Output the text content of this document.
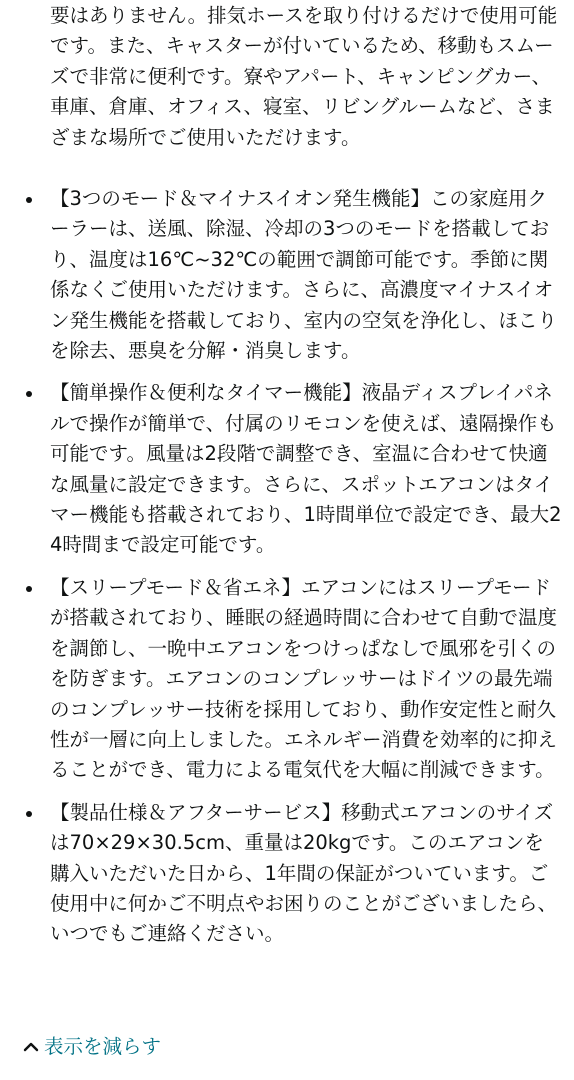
要はありません。排気ホースを取り付けるだけで使用可能です。また、キャスターが付いているため、移動もスムーズで非常に便利です。寮やアパート、キャンピングカー、車庫、倉庫、オフィス、寝室、リビングルームなど、さまざまな場所でご使用いただけます。
【3つのモード＆マイナスイオン発生機能】この家庭用クーラーは、送風、除湿、冷却の3つのモードを搭載しており、温度は16℃~32℃の範囲で調節可能です。季節に関係なくご使用いただけます。さらに、高濃度マイナスイオン発生機能を搭載しており、室内の空気を浄化し、ほこりを除去、悪臭を分解・消臭します。
【簡単操作＆便利なタイマー機能】液晶ディスプレイパネルで操作が簡単で、付属のリモコンを使えば、遠隔操作も可能です。風量は2段階で調整でき、室温に合わせて快適な風量に設定できます。さらに、スポットエアコンはタイマー機能も搭載されており、1時間単位で設定でき、最大24時間まで設定可能です。
【スリープモード＆省エネ】エアコンにはスリープモードが搭載されており、睡眠の経過時間に合わせて自動で温度を調節し、一晩中エアコンをつけっぱなしで風邪を引くのを防ぎます。エアコンのコンプレッサーはドイツの最先端のコンプレッサー技術を採用しており、動作安定性と耐久性が一層に向上しました。エネルギー消費を効率的に抑えることができ、電力による電気代を大幅に削減できます。
【製品仕様＆アフターサービス】移動式エアコンのサイズは70×29×30.5cm、重量は20kgです。このエアコンを購入いただいた日から、1年間の保証がついています。ご使用中に何かご不明点やお困りのことがございましたら、いつでもご連絡ください。
表示を減らす
